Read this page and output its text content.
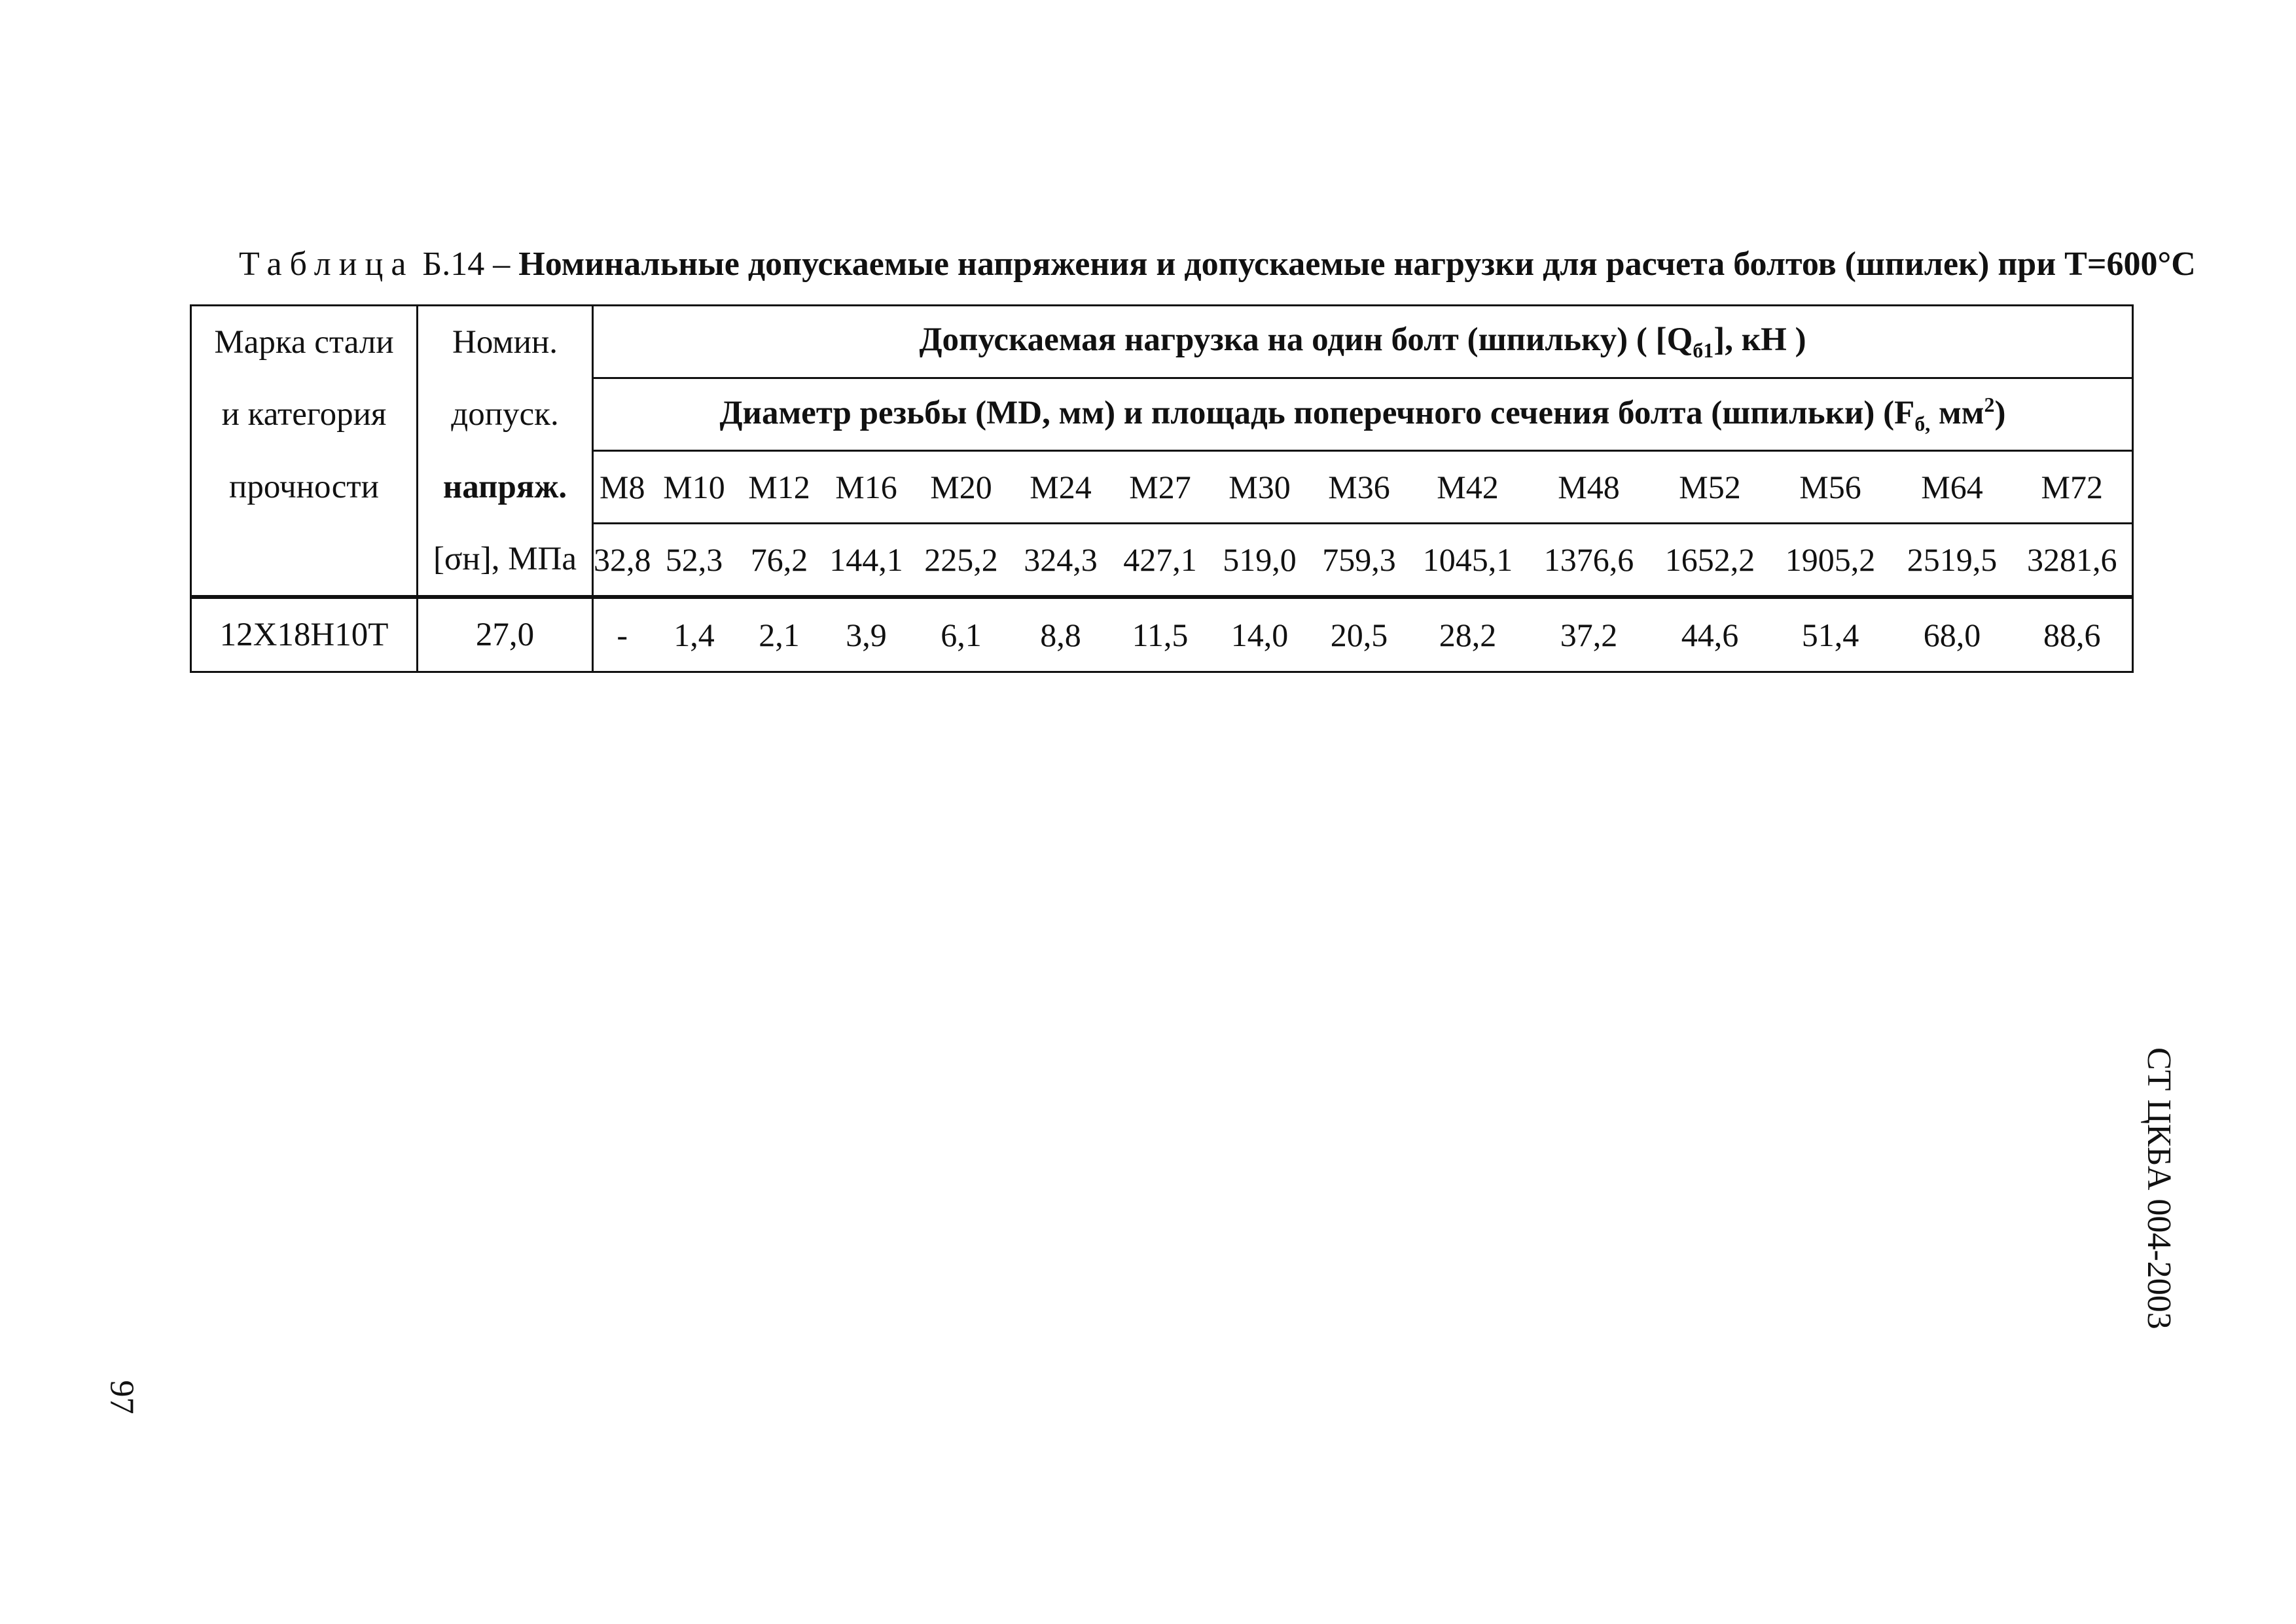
Таблица Б.14 – Номинальные допускаемые напряжения и допускаемые нагрузки для расчета болтов (шпилек) при Т=600°С
Марка стали	Номин.	Допускаемая нагрузка на один болт (шпильку) ( $[Q_{б1}]$, кН )														
и категория	допуск.	Диаметр резьбы (MD, мм) и площадь поперечного сечения болта (шпильки) ($F_{б,}$ $мм^2$)														
прочности	напряж.	М8	М10	М12	М16	М20	М24	М27	М30	М36	М42	М48	М52	М56	М64	М72
	[σн], МПа	32,8	52,3	76,2	144,1	225,2	324,3	427,1	519,0	759,3	1045,1	1376,6	1652,2	1905,2	2519,5	3281,6
12Х18Н10Т	27,0	-	1,4	2,1	3,9	6,1	8,8	11,5	14,0	20,5	28,2	37,2	44,6	51,4	68,0	88,6
СТ ЦКБА 004-2003
97
